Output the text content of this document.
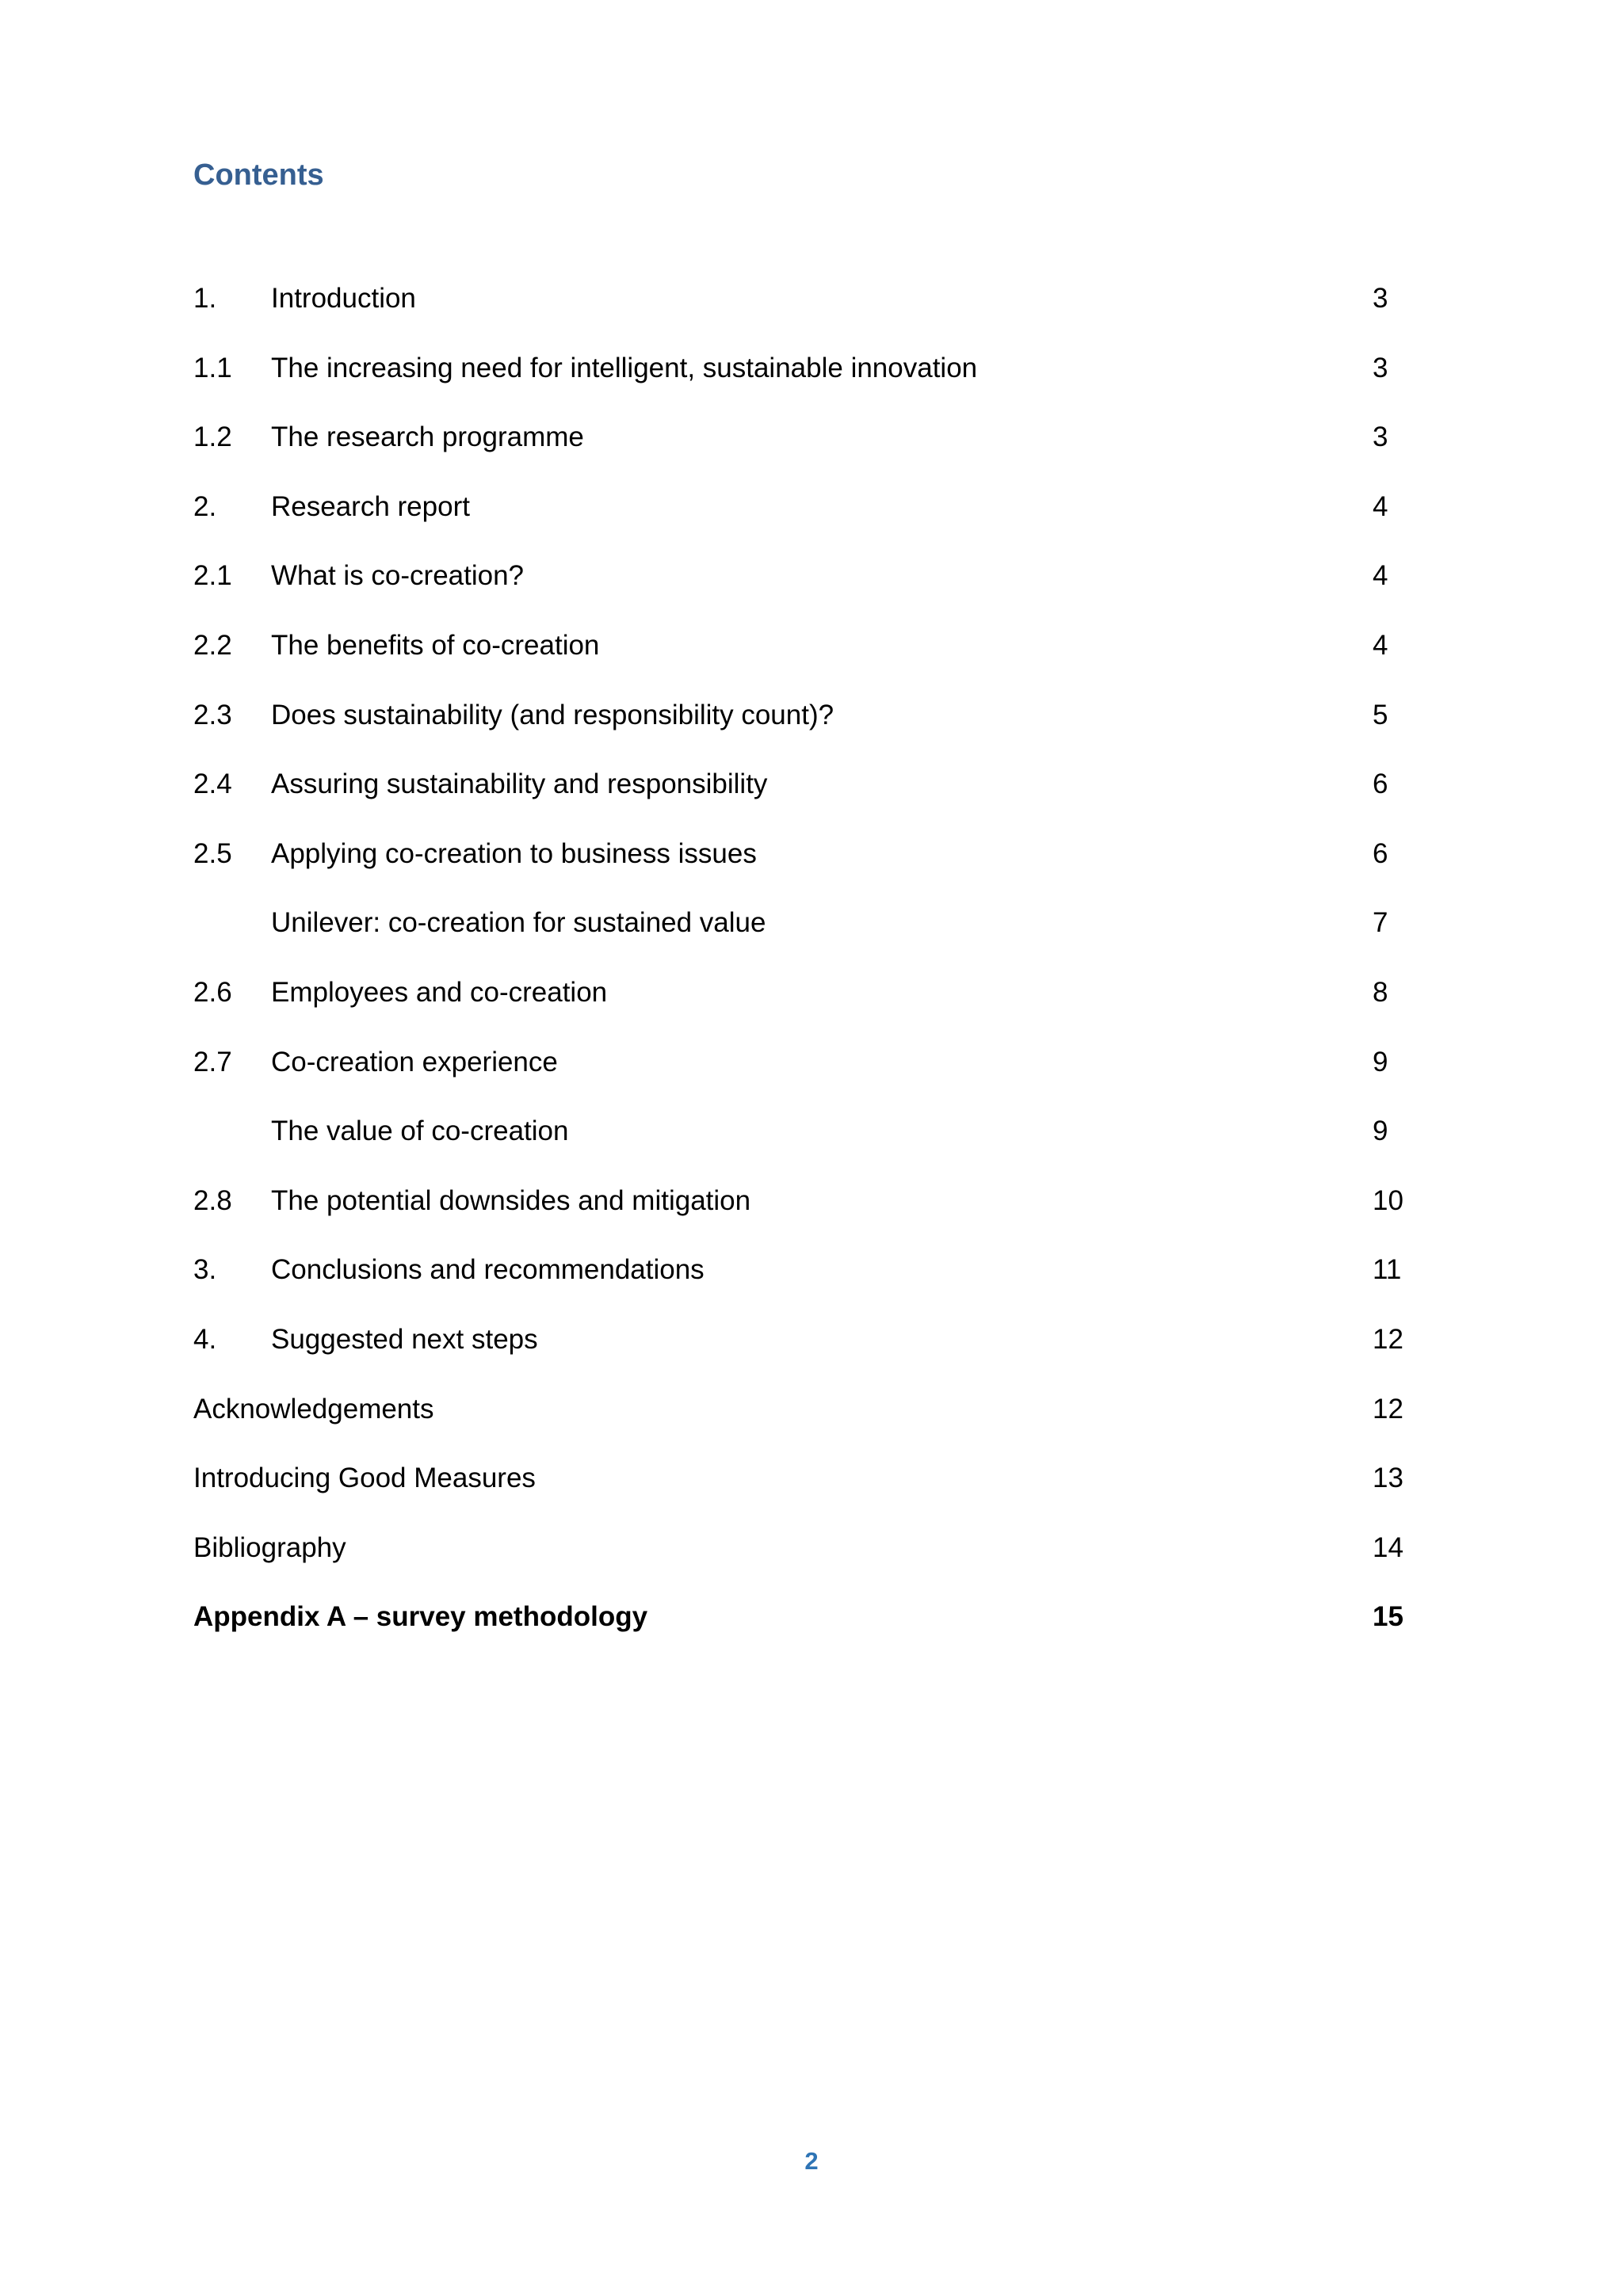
Contents
1. Introduction	3
1.1 The increasing need for intelligent, sustainable innovation	3
1.2 The research programme	3
2. Research report	4
2.1 What is co-creation?	4
2.2 The benefits of co-creation	4
2.3 Does sustainability (and responsibility count)?	5
2.4 Assuring sustainability and responsibility	6
2.5 Applying co-creation to business issues	6
Unilever: co-creation for sustained value	7
2.6 Employees and co-creation	8
2.7 Co-creation experience	9
The value of co-creation	9
2.8 The potential downsides and mitigation	10
3. Conclusions and recommendations	11
4. Suggested next steps	12
Acknowledgements	12
Introducing Good Measures	13
Bibliography	14
Appendix A – survey methodology	15
2
